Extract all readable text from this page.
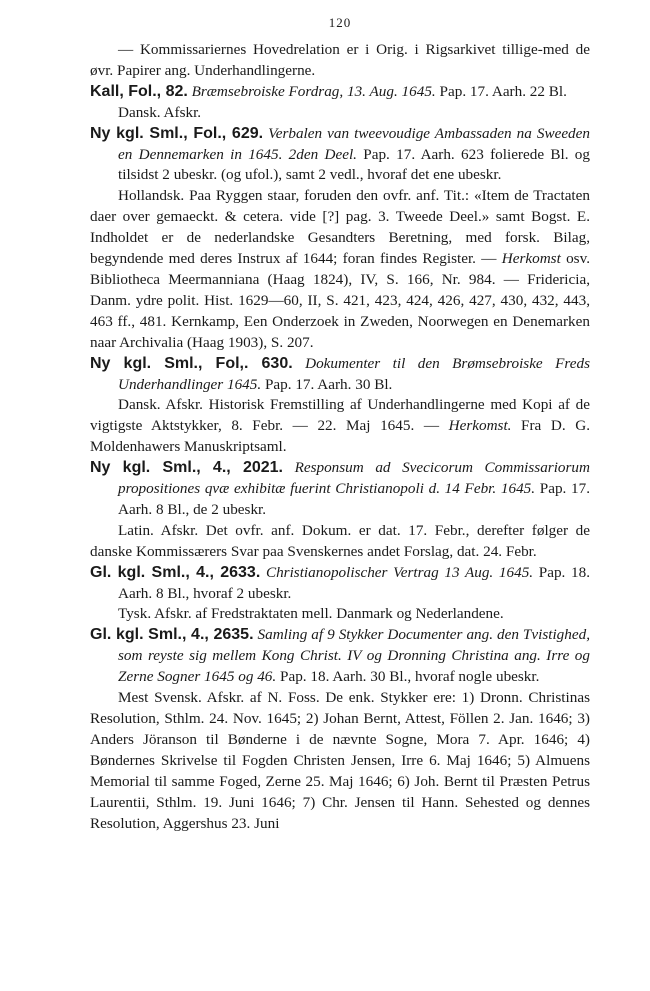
120

— Kommissariernes Hovedrelation er i Orig. i Rigsarkivet tillige-med de øvr. Papirer ang. Underhandlingerne.

Kall, Fol., 82. Bræmsebroiske Fordrag, 13. Aug. 1645. Pap. 17. Aarh. 22 Bl.

Dansk. Afskr.

Ny kgl. Sml., Fol., 629. Verbalen van tweevoudige Ambassaden na Sweeden en Dennemarken in 1645. 2den Deel. Pap. 17. Aarh. 623 folierede Bl. og tilsidst 2 ubeskr. (og ufol.), samt 2 vedl., hvoraf det ene ubeskr.

Hollandsk. Paa Ryggen staar, foruden den ovfr. anf. Tit.: «Item de Tractaten daer over gemaeckt. & cetera. vide [?] pag. 3. Tweede Deel.» samt Bogst. E. Indholdet er de nederlandske Gesandters Beretning, med forsk. Bilag, begyndende med deres Instrux af 1644; foran findes Register. — Herkomst osv. Bibliotheca Meermanniana (Haag 1824), IV, S. 166, Nr. 984. — Fridericia, Danm. ydre polit. Hist. 1629—60, II, S. 421, 423, 424, 426, 427, 430, 432, 443, 463 ff., 481. Kernkamp, Een Onderzoek in Zweden, Noorwegen en Denemarken naar Archivalia (Haag 1903), S. 207.

Ny kgl. Sml., Fol,. 630. Dokumenter til den Brømsebroiske Freds Underhandlinger 1645. Pap. 17. Aarh. 30 Bl.

Dansk. Afskr. Historisk Fremstilling af Underhandlingerne med Kopi af de vigtigste Aktstykker, 8. Febr. — 22. Maj 1645. — Herkomst. Fra D. G. Moldenhawers Manuskriptsaml.

Ny kgl. Sml., 4., 2021. Responsum ad Svecicorum Commissariorum propositiones qvæ exhibitæ fuerint Christianopoli d. 14 Febr. 1645. Pap. 17. Aarh. 8 Bl., de 2 ubeskr.

Latin. Afskr. Det ovfr. anf. Dokum. er dat. 17. Febr., derefter følger de danske Kommissærers Svar paa Svenskernes andet Forslag, dat. 24. Febr.

Gl. kgl. Sml., 4., 2633. Christianopolischer Vertrag 13 Aug. 1645. Pap. 18. Aarh. 8 Bl., hvoraf 2 ubeskr.

Tysk. Afskr. af Fredstraktaten mell. Danmark og Nederlandene.

Gl. kgl. Sml., 4., 2635. Samling af 9 Stykker Documenter ang. den Tvistighed, som reyste sig mellem Kong Christ. IV og Dronning Christina ang. Irre og Zerne Sogner 1645 og 46. Pap. 18. Aarh. 30 Bl., hvoraf nogle ubeskr.

Mest Svensk. Afskr. af N. Foss. De enk. Stykker ere: 1) Dronn. Christinas Resolution, Sthlm. 24. Nov. 1645; 2) Johan Bernt, Attest, Föllen 2. Jan. 1646; 3) Anders Jöranson til Bønderne i de nævnte Sogne, Mora 7. Apr. 1646; 4) Bøndernes Skrivelse til Fogden Christen Jensen, Irre 6. Maj 1646; 5) Almuens Memorial til samme Foged, Zerne 25. Maj 1646; 6) Joh. Bernt til Præsten Petrus Laurentii, Sthlm. 19. Juni 1646; 7) Chr. Jensen til Hann. Sehested og dennes Resolution, Aggershus 23. Juni
